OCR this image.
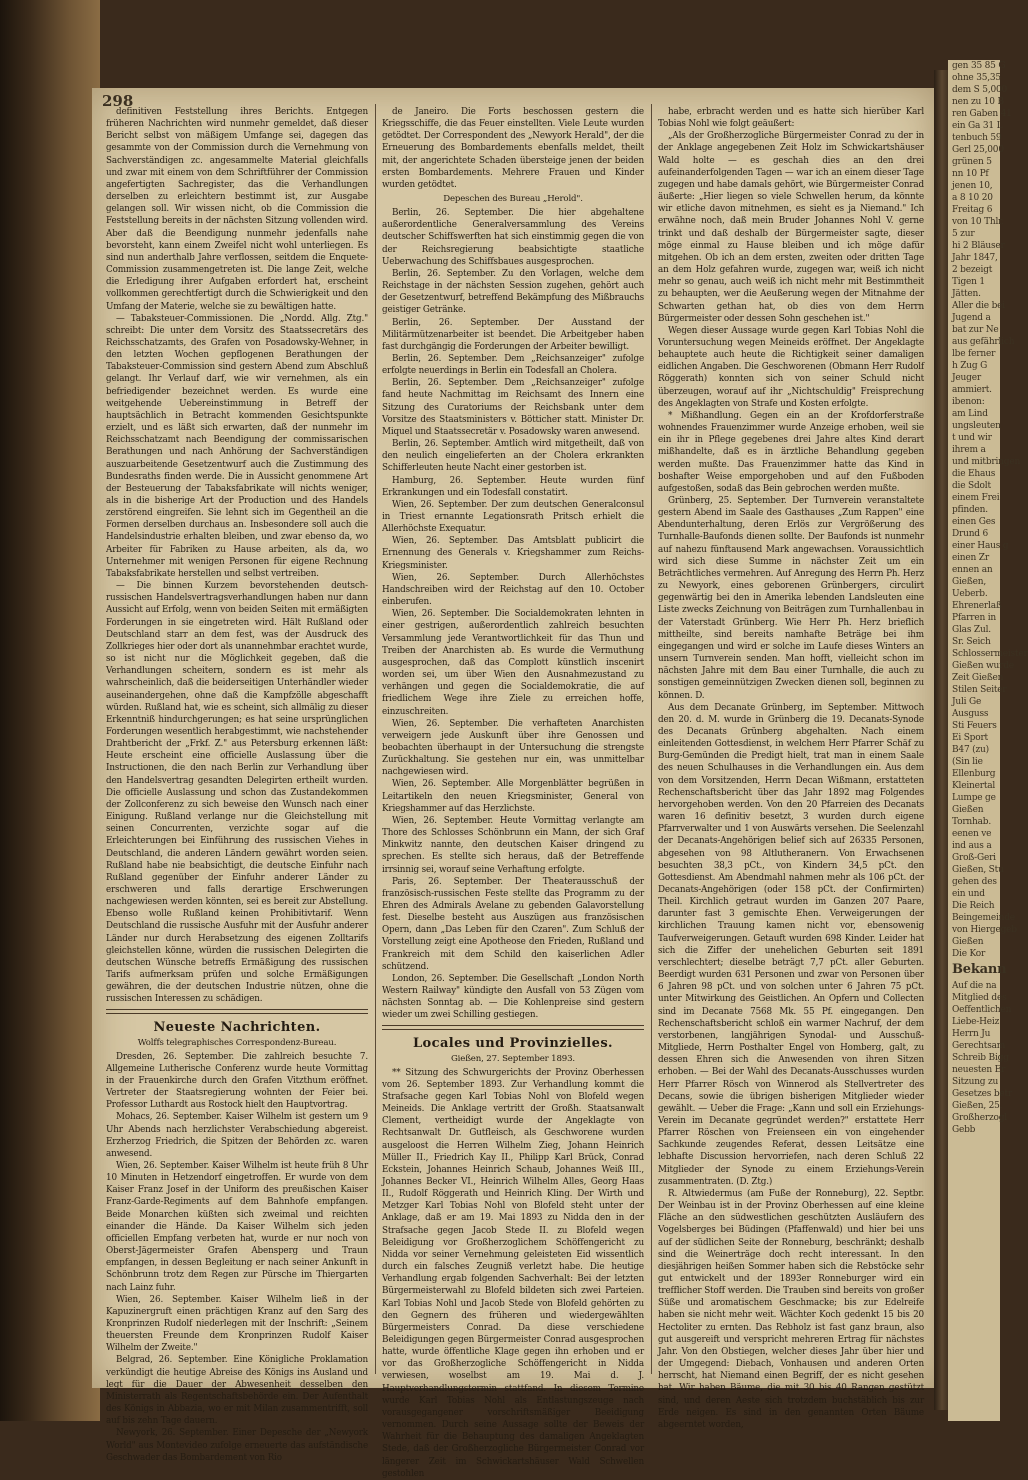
gen 35 85 G
ohne 35,35
dem S 5,000
nen zu 10 B
ren Gaben 41
ein Ga 31 L
tenbuch 59
Gerl 25,000
grünen 5
nn 10 Pf
jenen 10,
a 8 10 20
Freitag 6
von 10 Thlr.
5 zur
hi 2 Bläuser
Jahr 1847,
2 bezeigt
Tigen 1
Jätten.
Aller die bei
Jugend a
bat zur Ne
aus gefährlich
lbe ferner
h Zug G
Jeuger
ammiert.
ibenon:
am Lind
ungsleuten
t und wir
ihrem a
und mitbringen
die Ehaus
die Sdolt
einem Frei
pfinden.
einen Ges
Drund 6
einer Haus g
einen Zr
ennen an
Gießen,
Ueberb.
Ehrenerlaß
Pfarren in
Glas Zul.
Sr. Seich
Schlossermeister
Gießen wurde
Zeit Gießen
Stilen Seiter
Juli Ge
Ausguss
Sti Feuers
Ei Sport
B47 (zu)
(Sin lie
Ellenburg
Kleinertal
Lumpe ge
Gießen
Tornhab.
eenen ve
ind aus a
Groß-Geri
Gießen, Stu
gehen des
ein und
Die Reich
Beingemeinde
von Hiergegeb
Gießen
Die Kor
Bekann
Auf die na
Mitglied des
Oeffentlichen
Liebe-Heiz
Herrn Ju
Gerechtsam
Schreib Bigg
neuesten Er
Sitzung zu
Gesetzes betr
Gießen, 25.
Großherzogl
Gebb
298

definitiven Feststellung ihres Berichts. Entgegen früheren Nachrichten wird nunmehr gemeldet, daß dieser Bericht selbst von mäßigem Umfange sei, dagegen das gesammte von der Commission durch die Vernehmung von Sachverständigen zc. angesammelte Material gleichfalls und zwar mit einem von dem Schriftführer der Commission angefertigten Sachregister, das die Verhandlungen derselben zu erleichtern bestimmt ist, zur Ausgabe gelangen soll. Wir wissen nicht, ob die Commission die Feststellung bereits in der nächsten Sitzung vollenden wird. Aber daß die Beendigung nunmehr jedenfalls nahe bevorsteht, kann einem Zweifel nicht wohl unterliegen. Es sind nun anderthalb Jahre verflossen, seitdem die Enquete-Commission zusammengetreten ist. Die lange Zeit, welche die Erledigung ihrer Aufgaben erfordert hat, erscheint vollkommen gerechtfertigt durch die Schwierigkeit und den Umfang der Materie, welche sie zu bewältigen hatte.

— Tabaksteuer-Commissionen. Die „Nordd. Allg. Ztg." schreibt: Die unter dem Vorsitz des Staatssecretärs des Reichsschatzamts, des Grafen von Posadowsky-Wehner, in den letzten Wochen gepflogenen Berathungen der Tabaksteuer-Commission sind gestern Abend zum Abschluß gelangt. Ihr Verlauf darf, wie wir vernehmen, als ein befriedigender bezeichnet werden. Es wurde eine weitgehende Uebereinstimmung in Betreff der hauptsächlich in Betracht kommenden Gesichtspunkte erzielt, und es läßt sich erwarten, daß der nunmehr im Reichsschatzamt nach Beendigung der commissarischen Berathungen und nach Anhörung der Sachverständigen auszuarbeitende Gesetzentwurf auch die Zustimmung des Bundesraths finden werde. Die in Aussicht genommene Art der Besteuerung der Tabaksfabrikate will nichts weniger, als in die bisherige Art der Production und des Handels zerstörend eingreifen. Sie lehnt sich im Gegentheil an die Formen derselben durchaus an. Insbesondere soll auch die Handelsindustrie erhalten bleiben, und zwar ebenso da, wo Arbeiter für Fabriken zu Hause arbeiten, als da, wo Unternehmer mit wenigen Personen für eigene Rechnung Tabaksfabrikate herstellen und selbst vertreiben.

— Die binnen Kurzem bevorstehenden deutsch-russischen Handelsvertragsverhandlungen haben nur dann Aussicht auf Erfolg, wenn von beiden Seiten mit ermäßigten Forderungen in sie eingetreten wird. Hält Rußland oder Deutschland starr an dem fest, was der Ausdruck des Zollkrieges hier oder dort als unannehmbar erachtet wurde, so ist nicht nur die Möglichkeit gegeben, daß die Verhandlungen scheitern, sondern es ist mehr als wahrscheinlich, daß die beiderseitigen Unterhändler wieder auseinandergehen, ohne daß die Kampfzölle abgeschafft würden. Rußland hat, wie es scheint, sich allmälig zu dieser Erkenntniß hindurchgerungen; es hat seine ursprünglichen Forderungen wesentlich herabgestimmt, wie nachstehender Drahtbericht der „Frkf. Z." aus Petersburg erkennen läßt: Heute erscheint eine officielle Auslassung über die Instructionen, die den nach Berlin zur Verhandlung über den Handelsvertrag gesandten Delegirten ertheilt wurden. Die officielle Auslassung und schon das Zustandekommen der Zollconferenz zu sich beweise den Wunsch nach einer Einigung. Rußland verlange nur die Gleichstellung mit seinen Concurrenten, verzichte sogar auf die Erleichterungen bei Einführung des russischen Viehes in Deutschland, die anderen Ländern gewährt worden seien. Rußland habe nie beabsichtigt, die deutsche Einfuhr nach Rußland gegenüber der Einfuhr anderer Länder zu erschweren und falls derartige Erschwerungen nachgewiesen werden könnten, sei es bereit zur Abstellung. Ebenso wolle Rußland keinen Prohibitivtarif. Wenn Deutschland die russische Ausfuhr mit der Ausfuhr anderer Länder nur durch Herabsetzung des eigenen Zolltarifs gleichstellen könne, würden die russischen Delegirten die deutschen Wünsche betreffs Ermäßigung des russischen Tarifs aufmerksam prüfen und solche Ermäßigungen gewähren, die der deutschen Industrie nützen, ohne die russischen Interessen zu schädigen.

Neueste Nachrichten.
Wolffs telegraphisches Correspondenz-Bureau.

Dresden, 26. September. Die zahlreich besuchte 7. Allgemeine Lutherische Conferenz wurde heute Vormittag in der Frauenkirche durch den Grafen Vitzthum eröffnet. Vertreter der Staatsregierung wohnten der Feier bei. Professor Luthardt aus Rostock hielt den Hauptvortrag.

Mohacs, 26. September. Kaiser Wilhelm ist gestern um 9 Uhr Abends nach herzlichster Verabschiedung abgereist. Erzherzog Friedrich, die Spitzen der Behörden zc. waren anwesend.

Wien, 26. September. Kaiser Wilhelm ist heute früh 8 Uhr 10 Minuten in Hetzendorf eingetroffen. Er wurde von dem Kaiser Franz Josef in der Uniform des preußischen Kaiser Franz-Garde-Regiments auf dem Bahnhofe empfangen. Beide Monarchen küßten sich zweimal und reichten einander die Hände. Da Kaiser Wilhelm sich jeden officiellen Empfang verbeten hat, wurde er nur noch von Oberst-Jägermeister Grafen Abensperg und Traun empfangen, in dessen Begleitung er nach seiner Ankunft in Schönbrunn trotz dem Regen zur Pürsche im Thiergarten nach Lainz fuhr.

Wien, 26. September. Kaiser Wilhelm ließ in der Kapuzinergruft einen prächtigen Kranz auf den Sarg des Kronprinzen Rudolf niederlegen mit der Inschrift: „Seinem theuersten Freunde dem Kronprinzen Rudolf Kaiser Wilhelm der Zweite."

Belgrad, 26. September. Eine Königliche Proklamation verkündigt die heutige Abreise des Königs ins Ausland und legt für die Dauer der Abwesenheit desselben den Ministerrath als Regentschaftsbehörde ein. Der Aufenthalt des Königs in Abbazia, wo er mit Milan zusammentrifft, soll auf bis zehn Tage dauern.

Newyork, 26. September. Einer Depesche der „Newyork World" aus Montevideo zufolge erneuerte das aufständische Geschwader das Bombardement von Rio

de Janeiro. Die Forts beschossen gestern die Kriegsschiffe, die das Feuer einstellten. Viele Leute wurden getödtet. Der Correspondent des „Newyork Herald", der die Erneuerung des Bombardements ebenfalls meldet, theilt mit, der angerichtete Schaden übersteige jenen der beiden ersten Bombardements. Mehrere Frauen und Kinder wurden getödtet.

Depeschen des Bureau „Herold".

Berlin, 26. September. Die hier abgehaltene außerordentliche Generalversammlung des Vereins deutscher Schiffswerften hat sich einstimmig gegen die von der Reichsregierung beabsichtigte staatliche Ueberwachung des Schiffsbaues ausgesprochen.

Berlin, 26. September. Zu den Vorlagen, welche dem Reichstage in der nächsten Session zugehen, gehört auch der Gesetzentwurf, betreffend Bekämpfung des Mißbrauchs geistiger Getränke.

Berlin, 26. September. Der Ausstand der Militärmützenarbeiter ist beendet. Die Arbeitgeber haben fast durchgängig die Forderungen der Arbeiter bewilligt.

Berlin, 26. September. Dem „Reichsanzeiger" zufolge erfolgte neuerdings in Berlin ein Todesfall an Cholera.

Berlin, 26. September. Dem „Reichsanzeiger" zufolge fand heute Nachmittag im Reichsamt des Innern eine Sitzung des Curatoriums der Reichsbank unter dem Vorsitze des Staatsministers v. Bötticher statt. Minister Dr. Miquel und Staatssecretär v. Posadowsky waren anwesend.

Berlin, 26. September. Amtlich wird mitgetheilt, daß von den neulich eingelieferten an der Cholera erkrankten Schifferleuten heute Nacht einer gestorben ist.

Hamburg, 26. September. Heute wurden fünf Erkrankungen und ein Todesfall constatirt.

Wien, 26. September. Der zum deutschen Generalconsul in Triest ernannte Legationsrath Pritsch erhielt die Allerhöchste Exequatur.

Wien, 26. September. Das Amtsblatt publicirt die Ernennung des Generals v. Kriegshammer zum Reichs-Kriegsminister.

Wien, 26. September. Durch Allerhöchstes Handschreiben wird der Reichstag auf den 10. October einberufen.

Wien, 26. September. Die Socialdemokraten lehnten in einer gestrigen, außerordentlich zahlreich besuchten Versammlung jede Verantwortlichkeit für das Thun und Treiben der Anarchisten ab. Es wurde die Vermuthung ausgesprochen, daß das Complott künstlich inscenirt worden sei, um über Wien den Ausnahmezustand zu verhängen und gegen die Socialdemokratie, die auf friedlichem Wege ihre Ziele zu erreichen hoffe, einzuschreiten.

Wien, 26. September. Die verhafteten Anarchisten verweigern jede Auskunft über ihre Genossen und beobachten überhaupt in der Untersuchung die strengste Zurückhaltung. Sie gestehen nur ein, was unmittelbar nachgewiesen wird.

Wien, 26. September. Alle Morgenblätter begrüßen in Leitartikeln den neuen Kriegsminister, General von Kriegshammer auf das Herzlichste.

Wien, 26. September. Heute Vormittag verlangte am Thore des Schlosses Schönbrunn ein Mann, der sich Graf Minkwitz nannte, den deutschen Kaiser dringend zu sprechen. Es stellte sich heraus, daß der Betreffende irrsinnig sei, worauf seine Verhaftung erfolgte.

Paris, 26. September. Der Theaterausschuß der französisch-russischen Feste stellte das Programm zu der Ehren des Admirals Avelane zu gebenden Galavorstellung fest. Dieselbe besteht aus Auszügen aus französischen Opern, dann „Das Leben für den Czaren". Zum Schluß der Vorstellung zeigt eine Apotheose den Frieden, Rußland und Frankreich mit dem Schild den kaiserlichen Adler schützend.

London, 26. September. Die Gesellschaft „London North Western Railway" kündigte den Ausfall von 53 Zügen vom nächsten Sonntag ab. — Die Kohlenpreise sind gestern wieder um zwei Schilling gestiegen.

Locales und Provinzielles.
Gießen, 27. September 1893.

** Sitzung des Schwurgerichts der Provinz Oberhessen vom 26. September 1893. Zur Verhandlung kommt die Strafsache gegen Karl Tobias Nohl von Blofeld wegen Meineids. Die Anklage vertritt der Großh. Staatsanwalt Clement, vertheidigt wurde der Angeklagte von Rechtsanwalt Dr. Gutfleisch, als Geschworene wurden ausgeloost die Herren Wilhelm Zieg, Johann Heinrich Müller II., Friedrich Kay II., Philipp Karl Brück, Conrad Eckstein, Johannes Heinrich Schaub, Johannes Weiß III., Johannes Becker VI., Heinrich Wilhelm Alles, Georg Haas II., Rudolf Röggerath und Heinrich Kling. Der Wirth und Metzger Karl Tobias Nohl von Blofeld steht unter der Anklage, daß er am 19. Mai 1893 zu Nidda den in der Strafsache gegen Jacob Stede II. zu Blofeld wegen Beleidigung vor Großherzoglichem Schöffengericht zu Nidda vor seiner Vernehmung geleisteten Eid wissentlich durch ein falsches Zeugniß verletzt habe. Die heutige Verhandlung ergab folgenden Sachverhalt: Bei der letzten Bürgermeisterwahl zu Blofeld bildeten sich zwei Parteien. Karl Tobias Nohl und Jacob Stede von Blofeld gehörten zu den Gegnern des früheren und wiedergewählten Bürgermeisters Conrad. Da diese verschiedene Beleidigungen gegen Bürgermeister Conrad ausgesprochen hatte, wurde öffentliche Klage gegen ihn erhoben und er vor das Großherzogliche Schöffengericht in Nidda verwiesen, woselbst am 19. Mai d. J. Hauptverhandlungstermin stattfand. In diesem Termine wurde Karl Tobias Nohl als Entlastungszeuge nach vorausgegangener vorschriftsmäßiger Beeidigung vernommen. Durch seine Aussage sollte der Beweis der Wahrheit für die Behauptung des damaligen Angeklagten Stede, daß der Großherzogliche Bürgermeister Conrad vor längerer Zeit im Schwickartshäuser Wald Schwellen gestohlen

habe, erbracht werden und es hatte sich hierüber Karl Tobias Nohl wie folgt geäußert:

„Als der Großherzogliche Bürgermeister Conrad zu der in der Anklage angegebenen Zeit Holz im Schwickartshäuser Wald holte — es geschah dies an den drei aufeinanderfolgenden Tagen — war ich an einem dieser Tage zugegen und habe damals gehört, wie Bürgermeister Conrad äußerte: „Hier liegen so viele Schwellen herum, da könnte wir etliche davon mitnehmen, es sieht es ja Niemand." Ich erwähne noch, daß mein Bruder Johannes Nohl V. gerne trinkt und daß deshalb der Bürgermeister sagte, dieser möge einmal zu Hause bleiben und ich möge dafür mitgehen. Ob ich an dem ersten, zweiten oder dritten Tage an dem Holz gefahren wurde, zugegen war, weiß ich nicht mehr so genau, auch weiß ich nicht mehr mit Bestimmtheit zu behaupten, wer die Aeußerung wegen der Mitnahme der Schwarten gethan hat, ob dies von dem Herrn Bürgermeister oder dessen Sohn geschehen ist."

Wegen dieser Aussage wurde gegen Karl Tobias Nohl die Voruntersuchung wegen Meineids eröffnet. Der Angeklagte behauptete auch heute die Richtigkeit seiner damaligen eidlichen Angaben. Die Geschworenen (Obmann Herr Rudolf Röggerath) konnten sich von seiner Schuld nicht überzeugen, worauf auf ihr „Nichtschuldig" Freisprechung des Angeklagten von Strafe und Kosten erfolgte.

* Mißhandlung. Gegen ein an der Krofdorferstraße wohnendes Frauenzimmer wurde Anzeige erhoben, weil sie ein ihr in Pflege gegebenes drei Jahre altes Kind derart mißhandelte, daß es in ärztliche Behandlung gegeben werden mußte. Das Frauenzimmer hatte das Kind in boshafter Weise emporgehoben und auf den Fußboden aufgestoßen, sodaß das Bein gebrochen werden mußte.

Grünberg, 25. September. Der Turnverein veranstaltete gestern Abend im Saale des Gasthauses „Zum Rappen" eine Abendunterhaltung, deren Erlös zur Vergrößerung des Turnhalle-Baufonds dienen sollte. Der Baufonds ist nunmehr auf nahezu fünftausend Mark angewachsen. Voraussichtlich wird sich diese Summe in nächster Zeit um ein Beträchtliches vermehren. Auf Anregung des Herrn Ph. Herz zu Newyork, eines geborenen Grünbergers, circulirt gegenwärtig bei den in Amerika lebenden Landsleuten eine Liste zwecks Zeichnung von Beiträgen zum Turnhallenbau in der Vaterstadt Grünberg. Wie Herr Ph. Herz brieflich mittheilte, sind bereits namhafte Beträge bei ihm eingegangen und wird er solche im Laufe dieses Winters an unsern Turnverein senden. Man hofft, vielleicht schon im nächsten Jahre mit dem Bau einer Turnhalle, die auch zu sonstigen gemeinnützigen Zwecken dienen soll, beginnen zu können. D.

Aus dem Decanate Grünberg, im September. Mittwoch den 20. d. M. wurde in Grünberg die 19. Decanats-Synode des Decanats Grünberg abgehalten. Nach einem einleitenden Gottesdienst, in welchem Herr Pfarrer Schäf zu Burg-Gemünden die Predigt hielt, trat man in einem Saale des neuen Schulhauses in die Verhandlungen ein. Aus dem von dem Vorsitzenden, Herrn Decan Wißmann, erstatteten Rechenschaftsbericht über das Jahr 1892 mag Folgendes hervorgehoben werden. Von den 20 Pfarreien des Decanats waren 16 definitiv besetzt, 3 wurden durch eigene Pfarrverwalter und 1 von Auswärts versehen. Die Seelenzahl der Decanats-Angehörigen belief sich auf 26335 Personen, abgesehen von 98 Altlutheranern. Von Erwachsenen besuchten 38,3 pCt., von Kindern 34,5 pCt. den Gottesdienst. Am Abendmahl nahmen mehr als 106 pCt. der Decanats-Angehörigen (oder 158 pCt. der Confirmirten) Theil. Kirchlich getraut wurden im Ganzen 207 Paare, darunter fast 3 gemischte Ehen. Verweigerungen der kirchlichen Trauung kamen nicht vor, ebensowenig Taufverweigerungen. Getauft wurden 698 Kinder. Leider hat sich die Ziffer der unehelichen Geburten seit 1891 verschlechtert; dieselbe beträgt 7,7 pCt. aller Geburten. Beerdigt wurden 631 Personen und zwar von Personen über 6 Jahren 98 pCt. und von solchen unter 6 Jahren 75 pCt. unter Mitwirkung des Geistlichen. An Opfern und Collecten sind im Decanate 7568 Mk. 55 Pf. eingegangen. Den Rechenschaftsbericht schloß ein warmer Nachruf, der dem verstorbenen, langjährigen Synodal- und Ausschuß-Mitgliede, Herrn Posthalter Engel von Homberg, galt, zu dessen Ehren sich die Anwesenden von ihren Sitzen erhoben. — Bei der Wahl des Decanats-Ausschusses wurden Herr Pfarrer Rösch von Winnerod als Stellvertreter des Decans, sowie die übrigen bisherigen Mitglieder wieder gewählt. — Ueber die Frage: „Kann und soll ein Erziehungs-Verein im Decanate gegründet werden?" erstattete Herr Pfarrer Röschen von Freienseen ein von eingehender Sachkunde zeugendes Referat, dessen Leitsätze eine lebhafte Discussion hervorriefen, nach deren Schluß 22 Mitglieder der Synode zu einem Erziehungs-Verein zusammentraten. (D. Ztg.)

R. Altwiedermus (am Fuße der Ronneburg), 22. Septbr. Der Weinbau ist in der Provinz Oberhessen auf eine kleine Fläche an den südwestlichen geschützten Ausläufern des Vogelsberges bei Büdingen (Pfaffenwald) und hier bei uns auf der südlichen Seite der Ronneburg, beschränkt; deshalb sind die Weinerträge doch recht interessant. In den diesjährigen heißen Sommer haben sich die Rebstöcke sehr gut entwickelt und der 1893er Ronneburger wird ein trefflicher Stoff werden. Die Trauben sind bereits von großer Süße und aromatischem Geschmacke; bis zur Edelreife haben sie nicht mehr weit. Wächter Koch gedenkt 15 bis 20 Hectoliter zu ernten. Das Rebholz ist fast ganz braun, also gut ausgereift und verspricht mehreren Ertrag für nächstes Jahr. Von den Obstiegen, welcher dieses Jahr über hier und der Umgegend: Diebach, Vonhausen und anderen Orten herrscht, hat Niemand einen Begriff, der es nicht gesehen hat. Wir haben Bäume, die mit 30 bis 40 Rangen gestützt sind, und deren Aeste sich trotzdem buchstäblich bis zur Erde neigen. Es sind in den genannten Orten Bäume abgeerntet worden,
